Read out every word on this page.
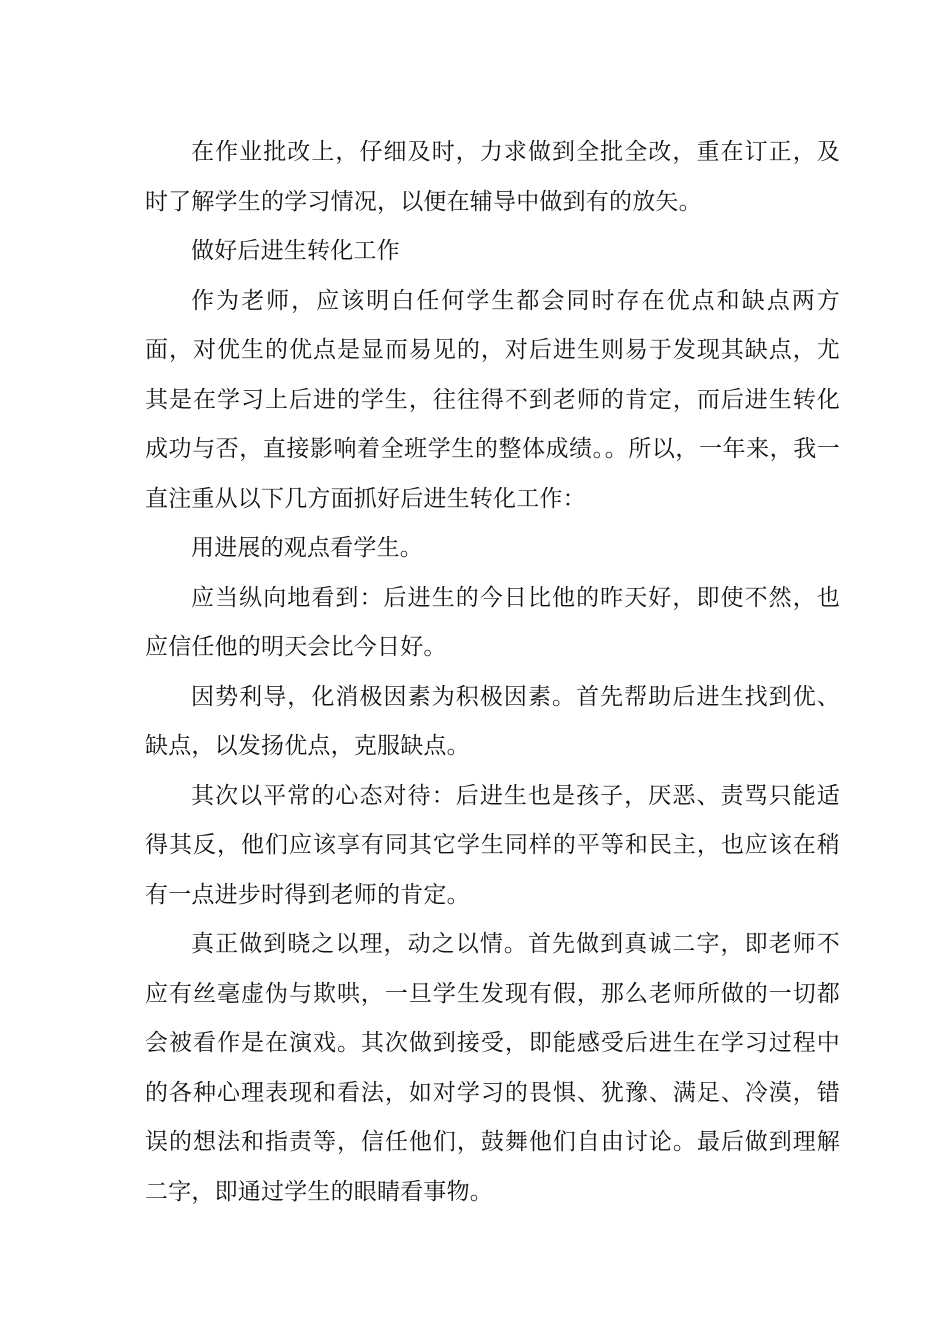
在作业批改上，仔细及时，力求做到全批全改，重在订正，及时了解学生的学习情况，以便在辅导中做到有的放矢。

做好后进生转化工作

作为老师，应该明白任何学生都会同时存在优点和缺点两方面，对优生的优点是显而易见的，对后进生则易于发现其缺点，尤其是在学习上后进的学生，往往得不到老师的肯定，而后进生转化成功与否，直接影响着全班学生的整体成绩。。所以，一年来，我一直注重从以下几方面抓好后进生转化工作：

用进展的观点看学生。

应当纵向地看到：后进生的今日比他的昨天好，即使不然，也应信任他的明天会比今日好。

因势利导，化消极因素为积极因素。首先帮助后进生找到优、缺点，以发扬优点，克服缺点。

其次以平常的心态对待：后进生也是孩子，厌恶、责骂只能适得其反，他们应该享有同其它学生同样的平等和民主，也应该在稍有一点进步时得到老师的肯定。

真正做到晓之以理，动之以情。首先做到真诚二字，即老师不应有丝毫虚伪与欺哄，一旦学生发现有假，那么老师所做的一切都会被看作是在演戏。其次做到接受，即能感受后进生在学习过程中的各种心理表现和看法，如对学习的畏惧、犹豫、满足、冷漠，错误的想法和指责等，信任他们，鼓舞他们自由讨论。最后做到理解二字，即通过学生的眼睛看事物。
